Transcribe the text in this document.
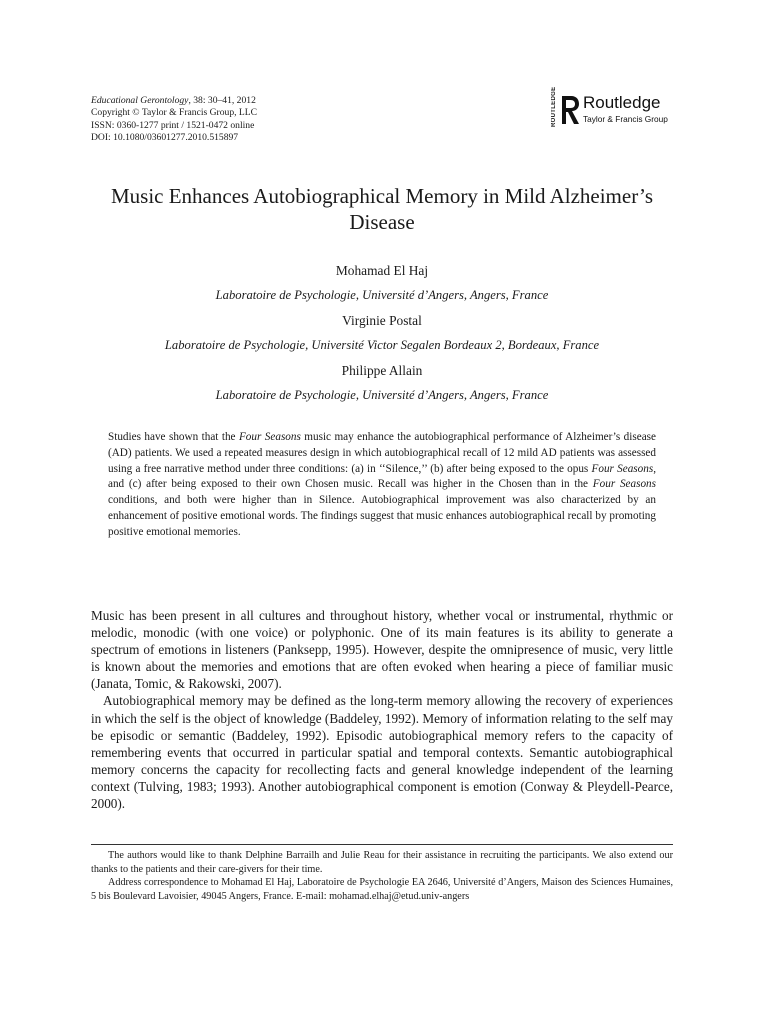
Educational Gerontology, 38: 30–41, 2012
Copyright © Taylor & Francis Group, LLC
ISSN: 0360-1277 print / 1521-0472 online
DOI: 10.1080/03601277.2010.515897
ROUTLEDGE Routledge
Taylor & Francis Group
Music Enhances Autobiographical Memory in Mild Alzheimer’s Disease
Mohamad El Haj
Laboratoire de Psychologie, Université d’Angers, Angers, France
Virginie Postal
Laboratoire de Psychologie, Université Victor Segalen Bordeaux 2, Bordeaux, France
Philippe Allain
Laboratoire de Psychologie, Université d’Angers, Angers, France

Studies have shown that the Four Seasons music may enhance the autobiographical performance of Alzheimer’s disease (AD) patients. We used a repeated measures design in which autobiographical recall of 12 mild AD patients was assessed using a free narrative method under three conditions: (a) in ‘‘Silence,’’ (b) after being exposed to the opus Four Seasons, and (c) after being exposed to their own Chosen music. Recall was higher in the Chosen than in the Four Seasons conditions, and both were higher than in Silence. Autobiographical improvement was also characterized by an enhancement of positive emotional words. The findings suggest that music enhances autobiographical recall by promoting positive emotional memories.

Music has been present in all cultures and throughout history, whether vocal or instrumental, rhythmic or melodic, monodic (with one voice) or polyphonic. One of its main features is its ability to generate a spectrum of emotions in listeners (Panksepp, 1995). However, despite the omnipresence of music, very little is known about the memories and emotions that are often evoked when hearing a piece of familiar music (Janata, Tomic, & Rakowski, 2007).

Autobiographical memory may be defined as the long-term memory allowing the recovery of experiences in which the self is the object of knowledge (Baddeley, 1992). Memory of information relating to the self may be episodic or semantic (Baddeley, 1992). Episodic autobiographical memory refers to the capacity of remembering events that occurred in particular spatial and temporal contexts. Semantic autobiographical memory concerns the capacity for recollecting facts and general knowledge independent of the learning context (Tulving, 1983; 1993). Another autobiographical component is emotion (Conway & Pleydell-Pearce, 2000).

The authors would like to thank Delphine Barrailh and Julie Reau for their assistance in recruiting the participants. We also extend our thanks to the patients and their care-givers for their time.

Address correspondence to Mohamad El Haj, Laboratoire de Psychologie EA 2646, Université d’Angers, Maison des Sciences Humaines, 5 bis Boulevard Lavoisier, 49045 Angers, France. E-mail: mohamad.elhaj@etud.univ-angers
